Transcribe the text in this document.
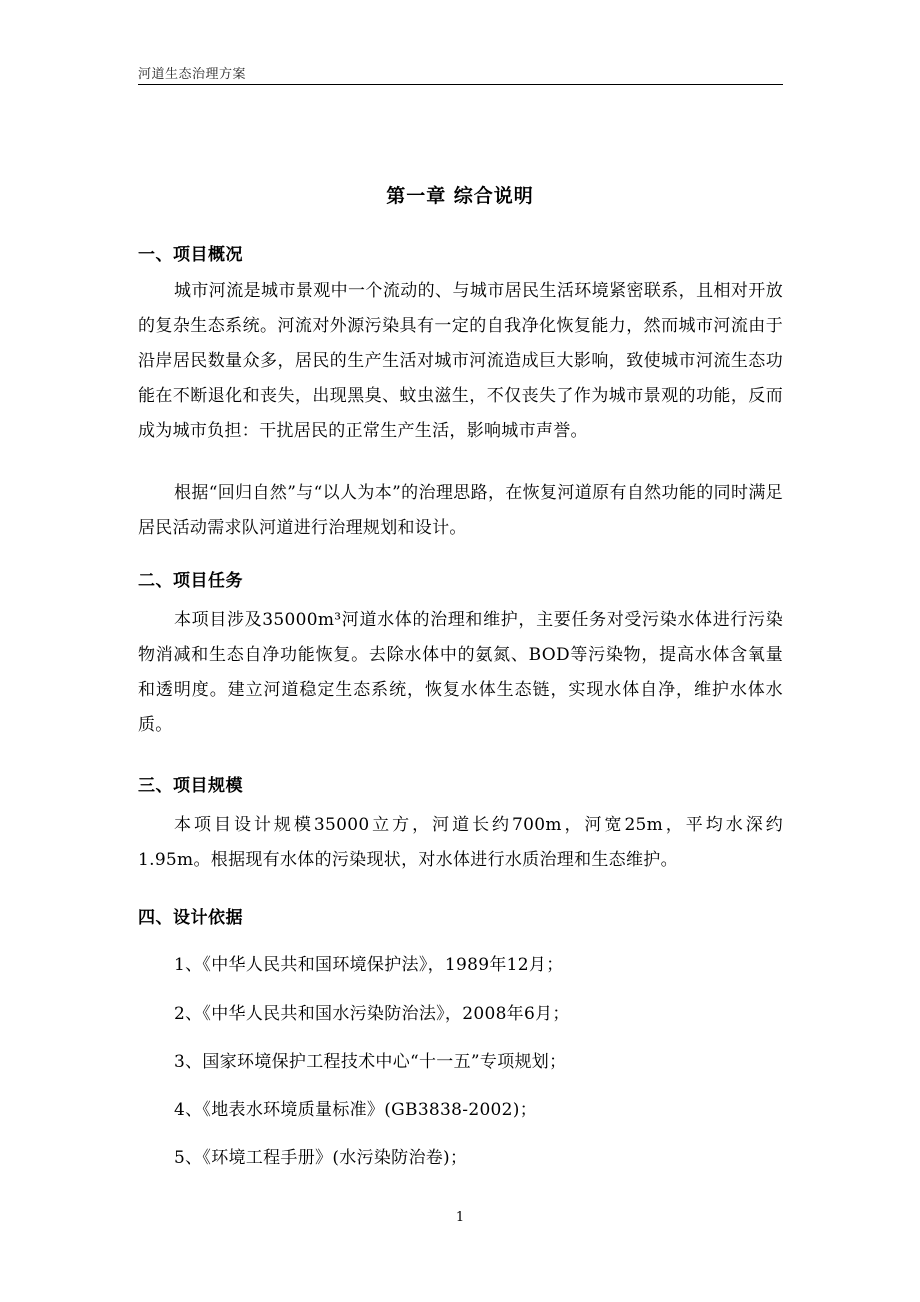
河道生态治理方案
第一章 综合说明
一、项目概况
城市河流是城市景观中一个流动的、与城市居民生活环境紧密联系，且相对开放的复杂生态系统。河流对外源污染具有一定的自我净化恢复能力，然而城市河流由于沿岸居民数量众多，居民的生产生活对城市河流造成巨大影响，致使城市河流生态功能在不断退化和丧失，出现黑臭、蚊虫滋生，不仅丧失了作为城市景观的功能，反而成为城市负担：干扰居民的正常生产生活，影响城市声誉。
根据“回归自然”与“以人为本”的治理思路，在恢复河道原有自然功能的同时满足居民活动需求队河道进行治理规划和设计。
二、项目任务
本项目涉及35000m³河道水体的治理和维护，主要任务对受污染水体进行污染物消减和生态自净功能恢复。去除水体中的氨氮、BOD等污染物，提高水体含氧量和透明度。建立河道稳定生态系统，恢复水体生态链，实现水体自净，维护水体水质。
三、项目规模
本项目设计规模35000立方，河道长约700m，河宽25m，平均水深约1.95m。根据现有水体的污染现状，对水体进行水质治理和生态维护。
四、设计依据
1、《中华人民共和国环境保护法》，1989年12月；
2、《中华人民共和国水污染防治法》，2008年6月；
3、国家环境保护工程技术中心“十一五”专项规划；
4、《地表水环境质量标准》(GB3838-2002)；
5、《环境工程手册》(水污染防治卷)；
1
